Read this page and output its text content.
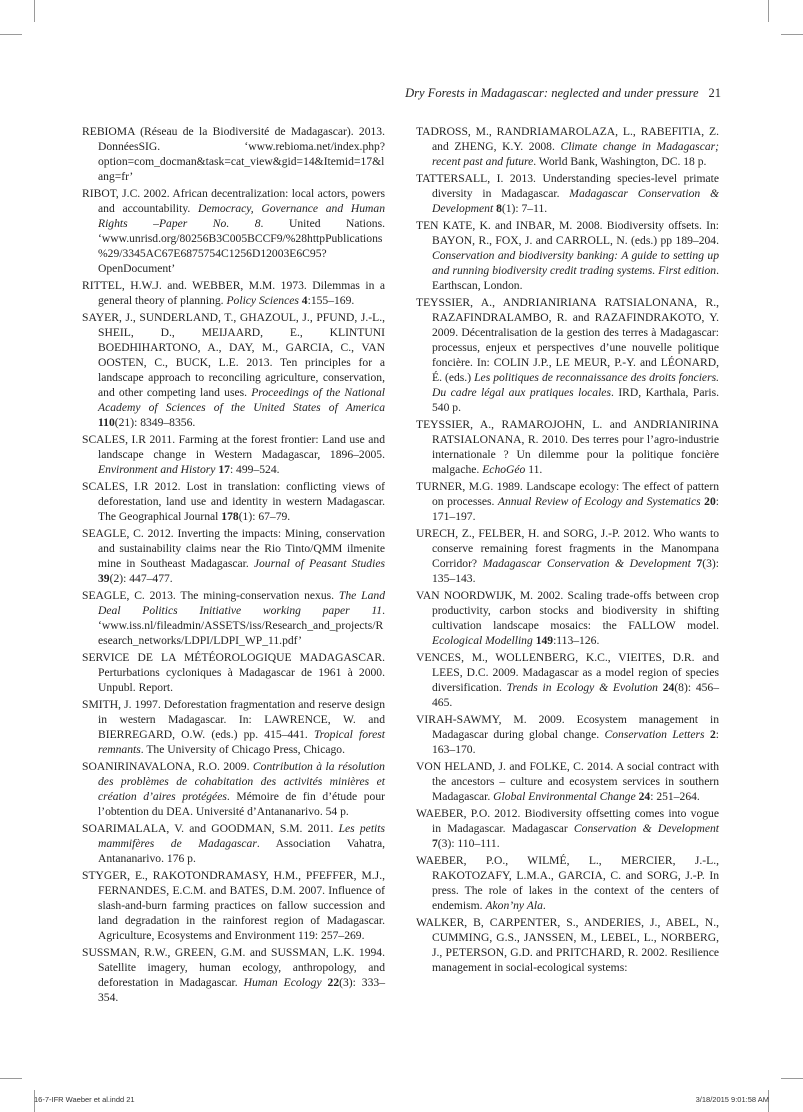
Dry Forests in Madagascar: neglected and under pressure 21

REBIOMA (Réseau de la Biodiversité de Madagascar). 2013. DonnéesSIG. ‘www.rebioma.net/index.php?option=com_docman&task=cat_view&gid=14&Itemid=17&lang=fr’

RIBOT, J.C. 2002. African decentralization: local actors, powers and accountability. Democracy, Governance and Human Rights –Paper No. 8. United Nations. ‘www.unrisd.org/80256B3C005BCCF9/%28httpPublications%29/3345AC67E6875754C1256D12003E6C95?OpenDocument’

RITTEL, H.W.J. and. WEBBER, M.M. 1973. Dilemmas in a general theory of planning. Policy Sciences 4:155–169.

SAYER, J., SUNDERLAND, T., GHAZOUL, J., PFUND, J.-L., SHEIL, D., MEIJAARD, E., KLINTUNI BOEDHIHARTONO, A., DAY, M., GARCIA, C., VAN OOSTEN, C., BUCK, L.E. 2013. Ten principles for a landscape approach to reconciling agriculture, conservation, and other competing land uses. Proceedings of the National Academy of Sciences of the United States of America 110(21): 8349–8356.

SCALES, I.R 2011. Farming at the forest frontier: Land use and landscape change in Western Madagascar, 1896–2005. Environment and History 17: 499–524.

SCALES, I.R 2012. Lost in translation: conflicting views of deforestation, land use and identity in western Madagascar. The Geographical Journal 178(1): 67–79.

SEAGLE, C. 2012. Inverting the impacts: Mining, conservation and sustainability claims near the Rio Tinto/QMM ilmenite mine in Southeast Madagascar. Journal of Peasant Studies 39(2): 447–477.

SEAGLE, C. 2013. The mining-conservation nexus. The Land Deal Politics Initiative working paper 11. ‘www.iss.nl/fileadmin/ASSETS/iss/Research_and_projects/Research_networks/LDPI/LDPI_WP_11.pdf’

SERVICE DE LA MÉTÉOROLOGIQUE MADAGASCAR. Perturbations cycloniques à Madagascar de 1961 à 2000. Unpubl. Report.

SMITH, J. 1997. Deforestation fragmentation and reserve design in western Madagascar. In: LAWRENCE, W. and BIERREGARD, O.W. (eds.) pp. 415–441. Tropical forest remnants. The University of Chicago Press, Chicago.

SOANIRINAVALONA, R.O. 2009. Contribution à la résolution des problèmes de cohabitation des activités minières et création d’aires protégées. Mémoire de fin d’étude pour l’obtention du DEA. Université d’Antananarivo. 54 p.

SOARIMALALA, V. and GOODMAN, S.M. 2011. Les petits mammifères de Madagascar. Association Vahatra, Antananarivo. 176 p.

STYGER, E., RAKOTONDRAMASY, H.M., PFEFFER, M.J., FERNANDES, E.C.M. and BATES, D.M. 2007. Influence of slash-and-burn farming practices on fallow succession and land degradation in the rainforest region of Madagascar. Agriculture, Ecosystems and Environment 119: 257–269.

SUSSMAN, R.W., GREEN, G.M. and SUSSMAN, L.K. 1994. Satellite imagery, human ecology, anthropology, and deforestation in Madagascar. Human Ecology 22(3): 333–354.

TADROSS, M., RANDRIAMAROLAZA, L., RABEFITIA, Z. and ZHENG, K.Y. 2008. Climate change in Madagascar; recent past and future. World Bank, Washington, DC. 18 p.

TATTERSALL, I. 2013. Understanding species-level primate diversity in Madagascar. Madagascar Conservation & Development 8(1): 7–11.

TEN KATE, K. and INBAR, M. 2008. Biodiversity offsets. In: BAYON, R., FOX, J. and CARROLL, N. (eds.) pp 189–204. Conservation and biodiversity banking: A guide to setting up and running biodiversity credit trading systems. First edition. Earthscan, London.

TEYSSIER, A., ANDRIANIRIANA RATSIALONANA, R., RAZAFINDRALAMBO, R. and RAZAFINDRAKOTO, Y. 2009. Décentralisation de la gestion des terres à Madagascar: processus, enjeux et perspectives d’une nouvelle politique foncière. In: COLIN J.P., LE MEUR, P.-Y. and LÉONARD, É. (eds.) Les politiques de reconnaissance des droits fonciers. Du cadre légal aux pratiques locales. IRD, Karthala, Paris. 540 p.

TEYSSIER, A., RAMAROJOHN, L. and ANDRIANIRINA RATSIALONANA, R. 2010. Des terres pour l’agro-industrie internationale ? Un dilemme pour la politique foncière malgache. EchoGéo 11.

TURNER, M.G. 1989. Landscape ecology: The effect of pattern on processes. Annual Review of Ecology and Systematics 20: 171–197.

URECH, Z., FELBER, H. and SORG, J.-P. 2012. Who wants to conserve remaining forest fragments in the Manompana Corridor? Madagascar Conservation & Development 7(3): 135–143.

VAN NOORDWIJK, M. 2002. Scaling trade-offs between crop productivity, carbon stocks and biodiversity in shifting cultivation landscape mosaics: the FALLOW model. Ecological Modelling 149:113–126.

VENCES, M., WOLLENBERG, K.C., VIEITES, D.R. and LEES, D.C. 2009. Madagascar as a model region of species diversification. Trends in Ecology & Evolution 24(8): 456–465.

VIRAH-SAWMY, M. 2009. Ecosystem management in Madagascar during global change. Conservation Letters 2: 163–170.

VON HELAND, J. and FOLKE, C. 2014. A social contract with the ancestors – culture and ecosystem services in southern Madagascar. Global Environmental Change 24: 251–264.

WAEBER, P.O. 2012. Biodiversity offsetting comes into vogue in Madagascar. Madagascar Conservation & Development 7(3): 110–111.

WAEBER, P.O., WILMÉ, L., MERCIER, J.-L., RAKOTOZAFY, L.M.A., GARCIA, C. and SORG, J.-P. In press. The role of lakes in the context of the centers of endemism. Akon’ny Ala.

WALKER, B, CARPENTER, S., ANDERIES, J., ABEL, N., CUMMING, G.S., JANSSEN, M., LEBEL, L., NORBERG, J., PETERSON, G.D. and PRITCHARD, R. 2002. Resilience management in social-ecological systems:

16-7-IFR Waeber et al.indd 21	3/18/2015 9:01:58 AM
